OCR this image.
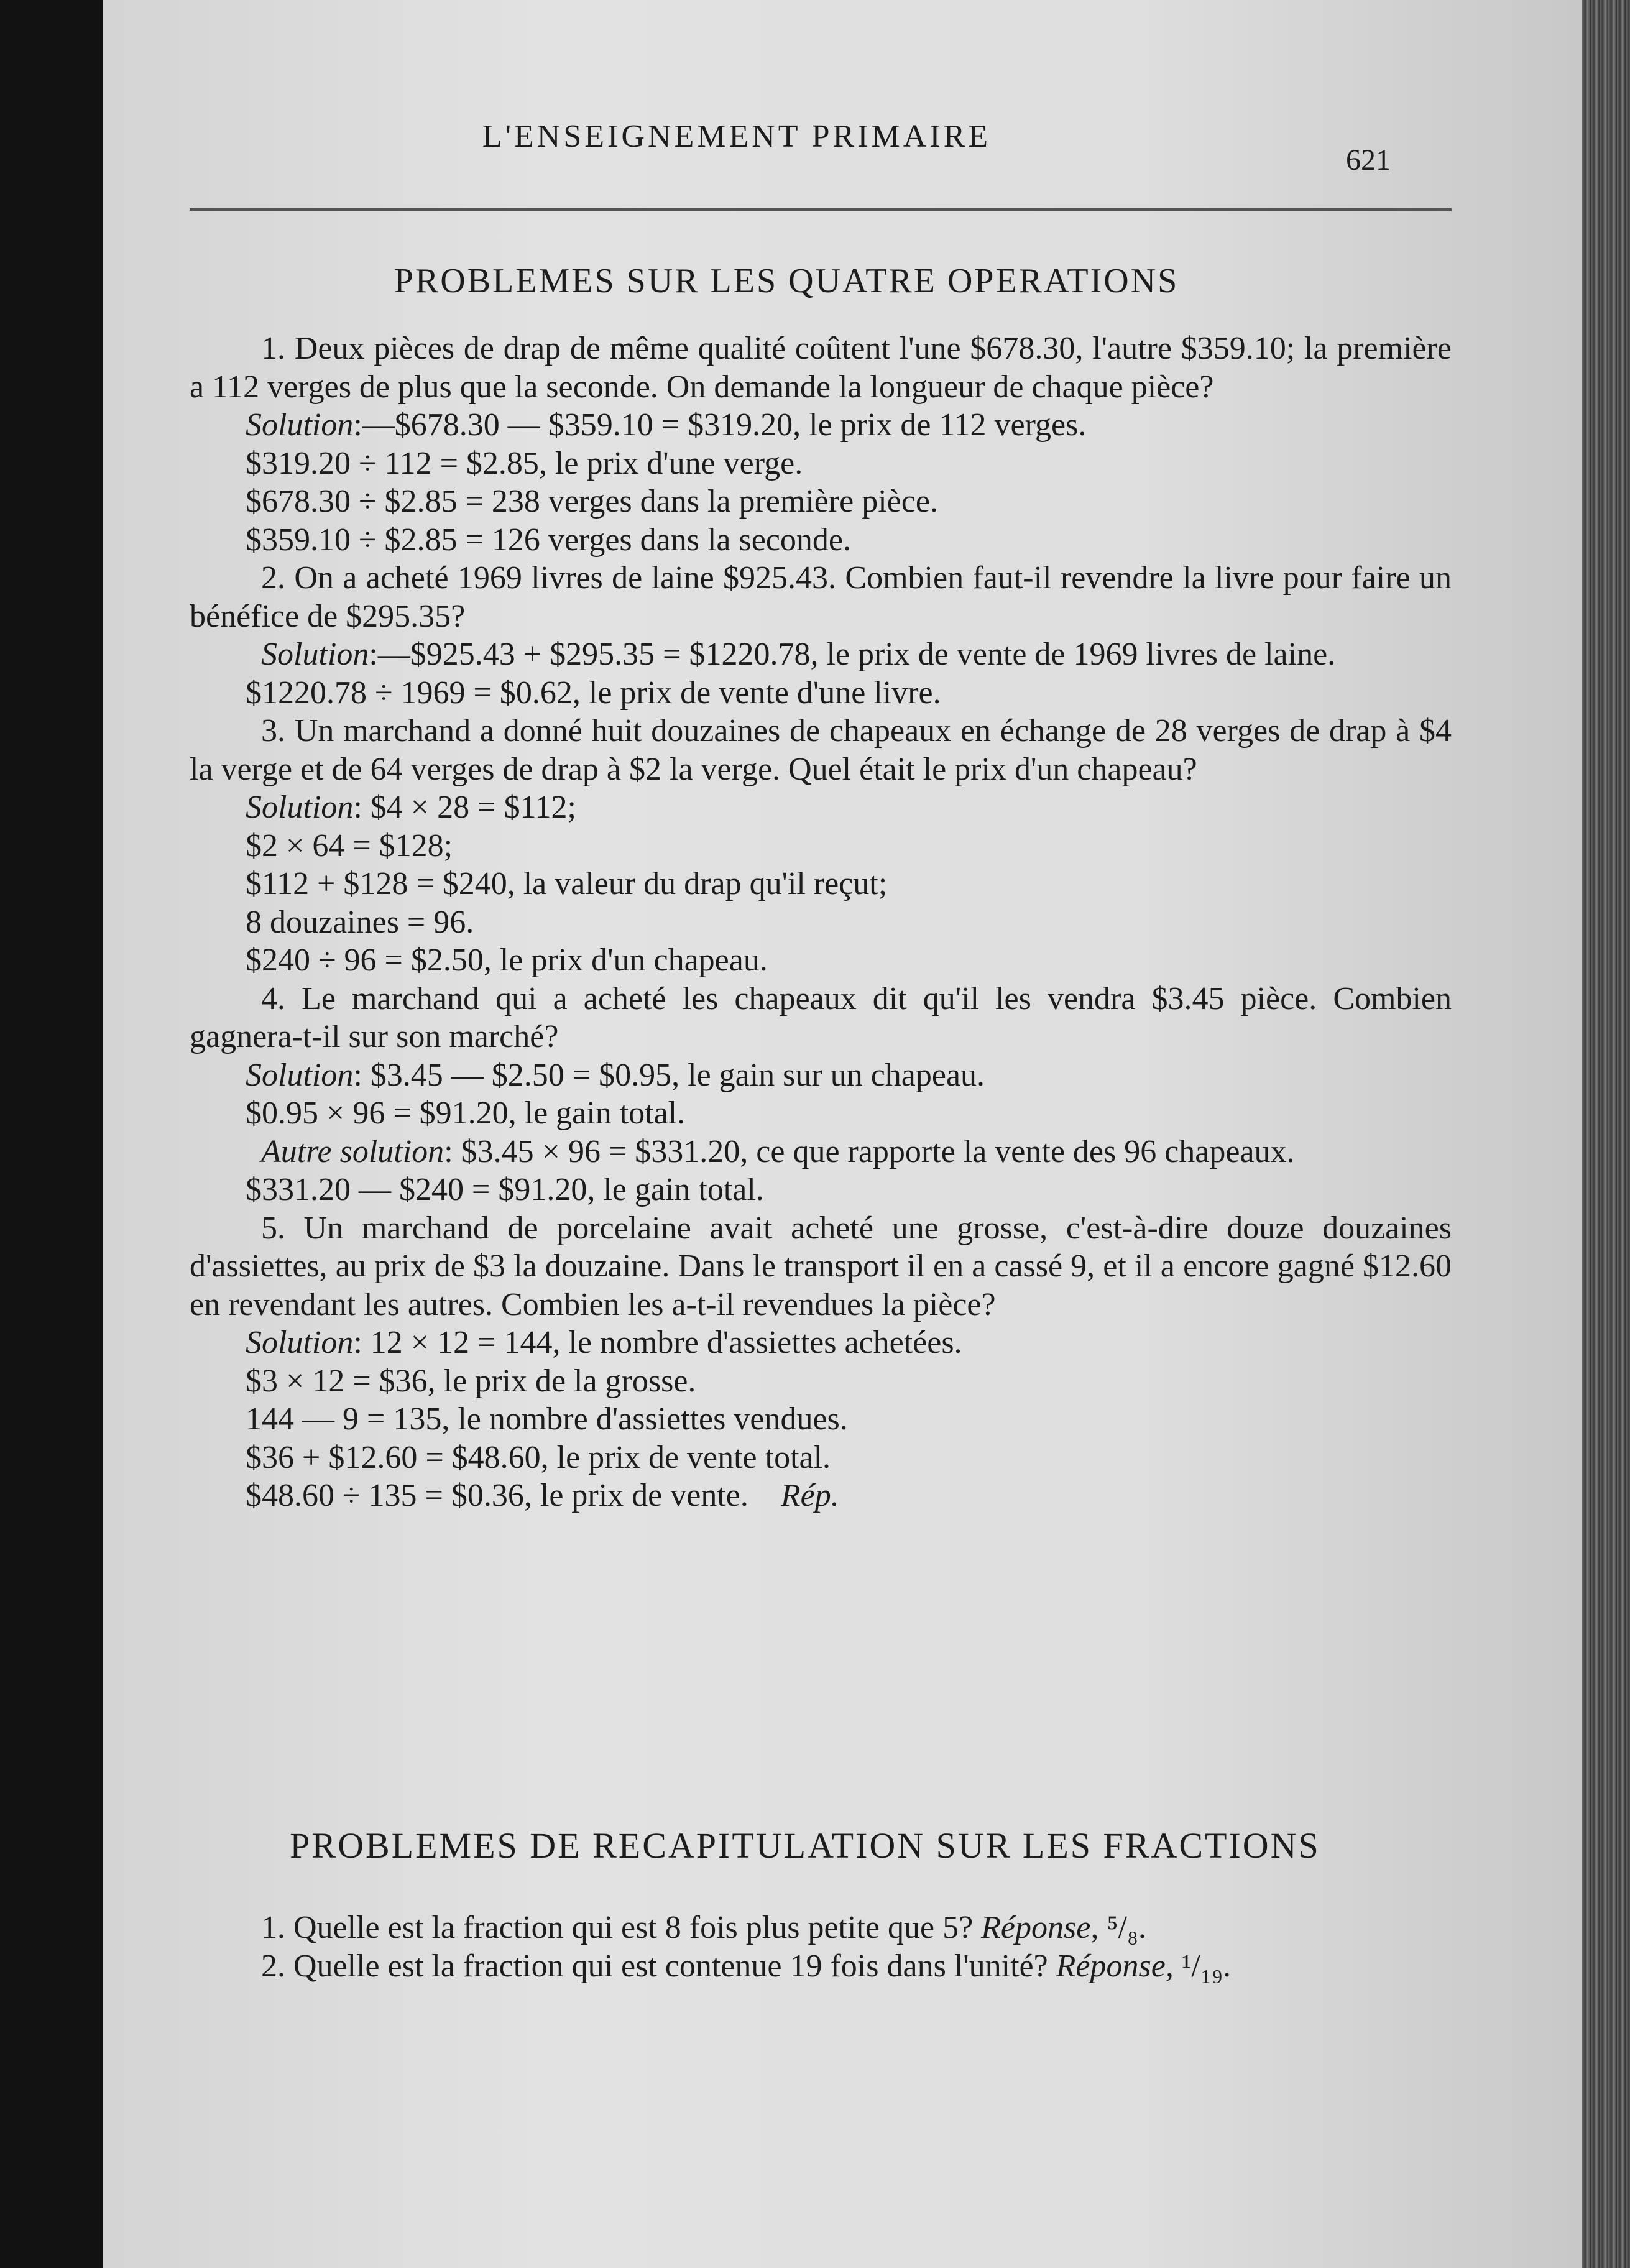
L'ENSEIGNEMENT PRIMAIRE
621
PROBLEMES SUR LES QUATRE OPERATIONS

1. Deux pièces de drap de même qualité coûtent l'une $678.30, l'autre $359.10; la première a 112 verges de plus que la seconde. On demande la longueur de chaque pièce?

Solution:—$678.30 — $359.10 = $319.20, le prix de 112 verges.

$319.20 ÷ 112 = $2.85, le prix d'une verge.

$678.30 ÷ $2.85 = 238 verges dans la première pièce.

$359.10 ÷ $2.85 = 126 verges dans la seconde.

2. On a acheté 1969 livres de laine $925.43. Combien faut-il revendre la livre pour faire un bénéfice de $295.35?

Solution:—$925.43 + $295.35 = $1220.78, le prix de vente de 1969 livres de laine.

$1220.78 ÷ 1969 = $0.62, le prix de vente d'une livre.

3. Un marchand a donné huit douzaines de chapeaux en échange de 28 verges de drap à $4 la verge et de 64 verges de drap à $2 la verge. Quel était le prix d'un chapeau?

Solution: $4 × 28 = $112;

$2 × 64 = $128;

$112 + $128 = $240, la valeur du drap qu'il reçut;

8 douzaines = 96.

$240 ÷ 96 = $2.50, le prix d'un chapeau.

4. Le marchand qui a acheté les chapeaux dit qu'il les vendra $3.45 pièce. Combien gagnera-t-il sur son marché?

Solution: $3.45 — $2.50 = $0.95, le gain sur un chapeau.

$0.95 × 96 = $91.20, le gain total.

Autre solution: $3.45 × 96 = $331.20, ce que rapporte la vente des 96 chapeaux.

$331.20 — $240 = $91.20, le gain total.

5. Un marchand de porcelaine avait acheté une grosse, c'est-à-dire douze douzaines d'assiettes, au prix de $3 la douzaine. Dans le transport il en a cassé 9, et il a encore gagné $12.60 en revendant les autres. Combien les a-t-il revendues la pièce?

Solution: 12 × 12 = 144, le nombre d'assiettes achetées.

$3 × 12 = $36, le prix de la grosse.

144 — 9 = 135, le nombre d'assiettes vendues.

$36 + $12.60 = $48.60, le prix de vente total.

$48.60 ÷ 135 = $0.36, le prix de vente.  Rép.

PROBLEMES DE RECAPITULATION SUR LES FRACTIONS

1. Quelle est la fraction qui est 8 fois plus petite que 5? Réponse, ⁵/₈.

2. Quelle est la fraction qui est contenue 19 fois dans l'unité? Réponse, ¹/₁₉.
